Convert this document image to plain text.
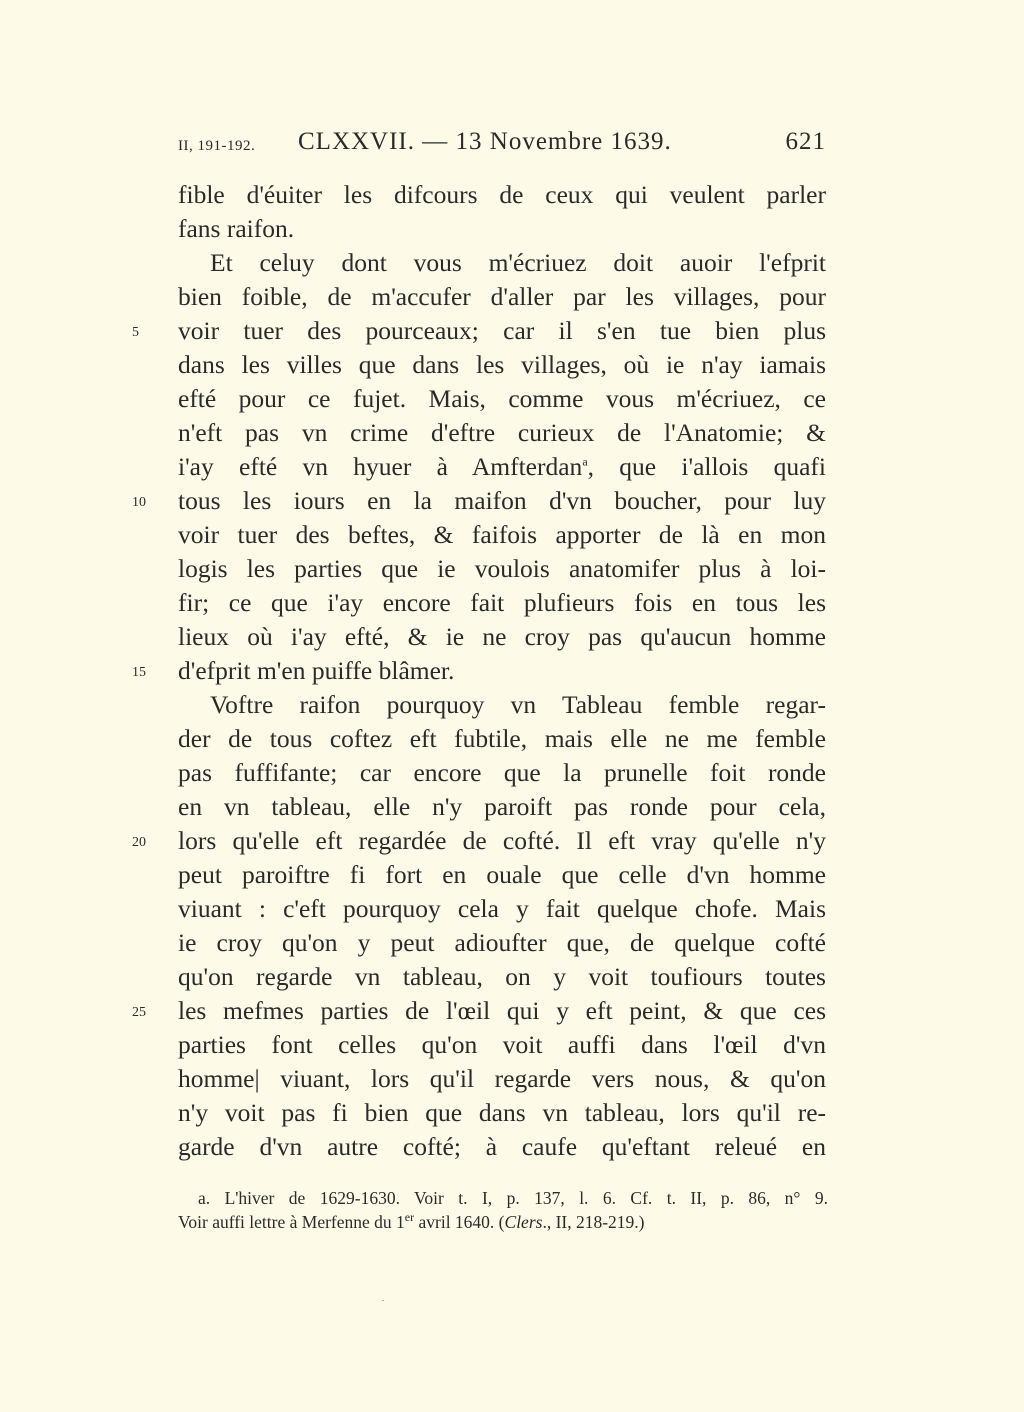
II, 191-192. CLXXVII. — 13 Novembre 1639.	621
fible d'éuiter les difcours de ceux qui veulent parler
fans raifon.
Et celuy dont vous m'écriuez doit auoir l'efprit
bien foible, de m'accufer d'aller par les villages, pour
5	voir tuer des pourceaux; car il s'en tue bien plus
dans les villes que dans les villages, où ie n'ay iamais
efté pour ce fujet. Mais, comme vous m'écriuez, ce
n'eft pas vn crime d'eftre curieux de l'Anatomie; &
i'ay efté vn hyuer à Amfterdan$^a$, que i'allois quafi
10	tous les iours en la maifon d'vn boucher, pour luy
voir tuer des beftes, & faifois apporter de là en mon
logis les parties que ie voulois anatomifer plus à loi-
fir; ce que i'ay encore fait plufieurs fois en tous les
lieux où i'ay efté, & ie ne croy pas qu'aucun homme
15	d'efprit m'en puiffe blâmer.
Voftre raifon pourquoy vn Tableau femble regar-
der de tous coftez eft fubtile, mais elle ne me femble
pas fuffifante; car encore que la prunelle foit ronde
en vn tableau, elle n'y paroift pas ronde pour cela,
20	lors qu'elle eft regardée de cofté. Il eft vray qu'elle n'y
peut paroiftre fi fort en ouale que celle d'vn homme
viuant : c'eft pourquoy cela y fait quelque chofe. Mais
ie croy qu'on y peut adioufter que, de quelque cofté
qu'on regarde vn tableau, on y voit toufiours toutes
25	les mefmes parties de l'œil qui y eft peint, & que ces
parties font celles qu'on voit auffi dans l'œil d'vn
homme| viuant, lors qu'il regarde vers nous, & qu'on
n'y voit pas fi bien que dans vn tableau, lors qu'il re-
garde d'vn autre cofté; à caufe qu'eftant releué en
a. L'hiver de 1629-1630. Voir t. I, p. 137, l. 6. Cf. t. II, p. 86, n° 9.
Voir auffi lettre à Merfenne du 1er avril 1640. (Clers., II, 218-219.)
